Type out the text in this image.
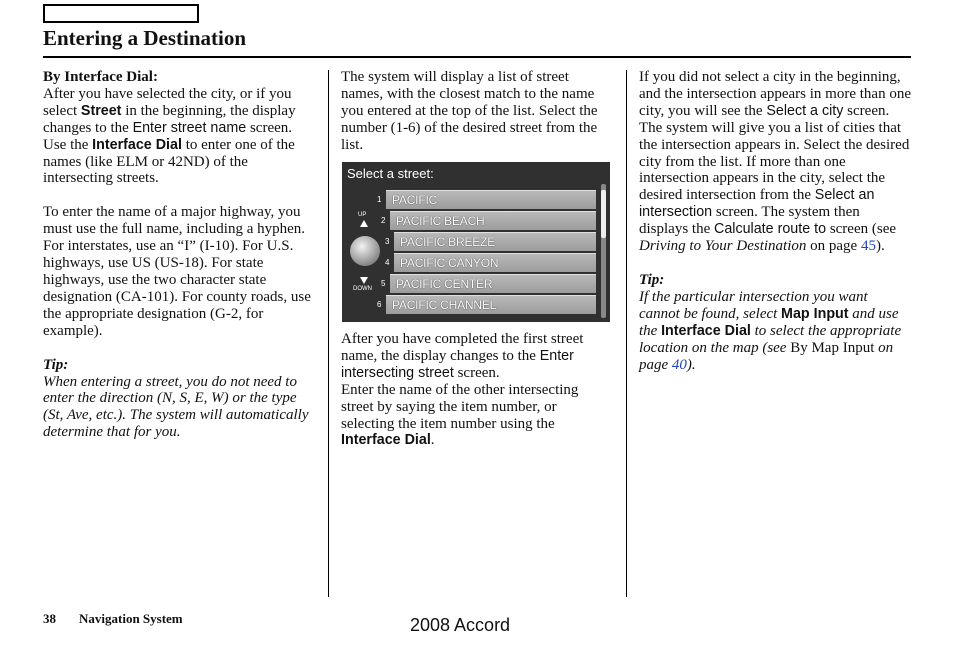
Entering a Destination

By Interface Dial:

After you have selected the city, or if you select Street in the beginning, the display changes to the Enter street name screen. Use the Interface Dial to enter one of the names (like ELM or 42ND) of the intersecting streets.

To enter the name of a major highway, you must use the full name, including a hyphen. For interstates, use an “I” (I-10). For U.S. highways, use US (US-18). For state highways, use the two character state designation (CA-101). For county roads, use the appropriate designation (G-2, for example).

Tip:

When entering a street, you do not need to enter the direction (N, S, E, W) or the type (St, Ave, etc.). The system will automatically determine that for you.

The system will display a list of street names, with the closest match to the name you entered at the top of the list. Select the number (1-6) of the desired street from the list.

Select a street:
UP
DOWN
1 PACIFIC
2 PACIFIC BEACH
3 PACIFIC BREEZE
4 PACIFIC CANYON
5 PACIFIC CENTER
6 PACIFIC CHANNEL

After you have completed the first street name, the display changes to the Enter intersecting street screen.

Enter the name of the other intersecting street by saying the item number, or selecting the item number using the Interface Dial.

If you did not select a city in the beginning, and the intersection appears in more than one city, you will see the Select a city screen. The system will give you a list of cities that the intersection appears in. Select the desired city from the list. If more than one intersection appears in the city, select the desired intersection from the Select an intersection screen. The system then displays the Calculate route to screen (see Driving to Your Destination on page 45).

Tip:

If the particular intersection you want cannot be found, select Map Input and use the Interface Dial to select the appropriate location on the map (see By Map Input on page 40).

38 Navigation System	2008 Accord
